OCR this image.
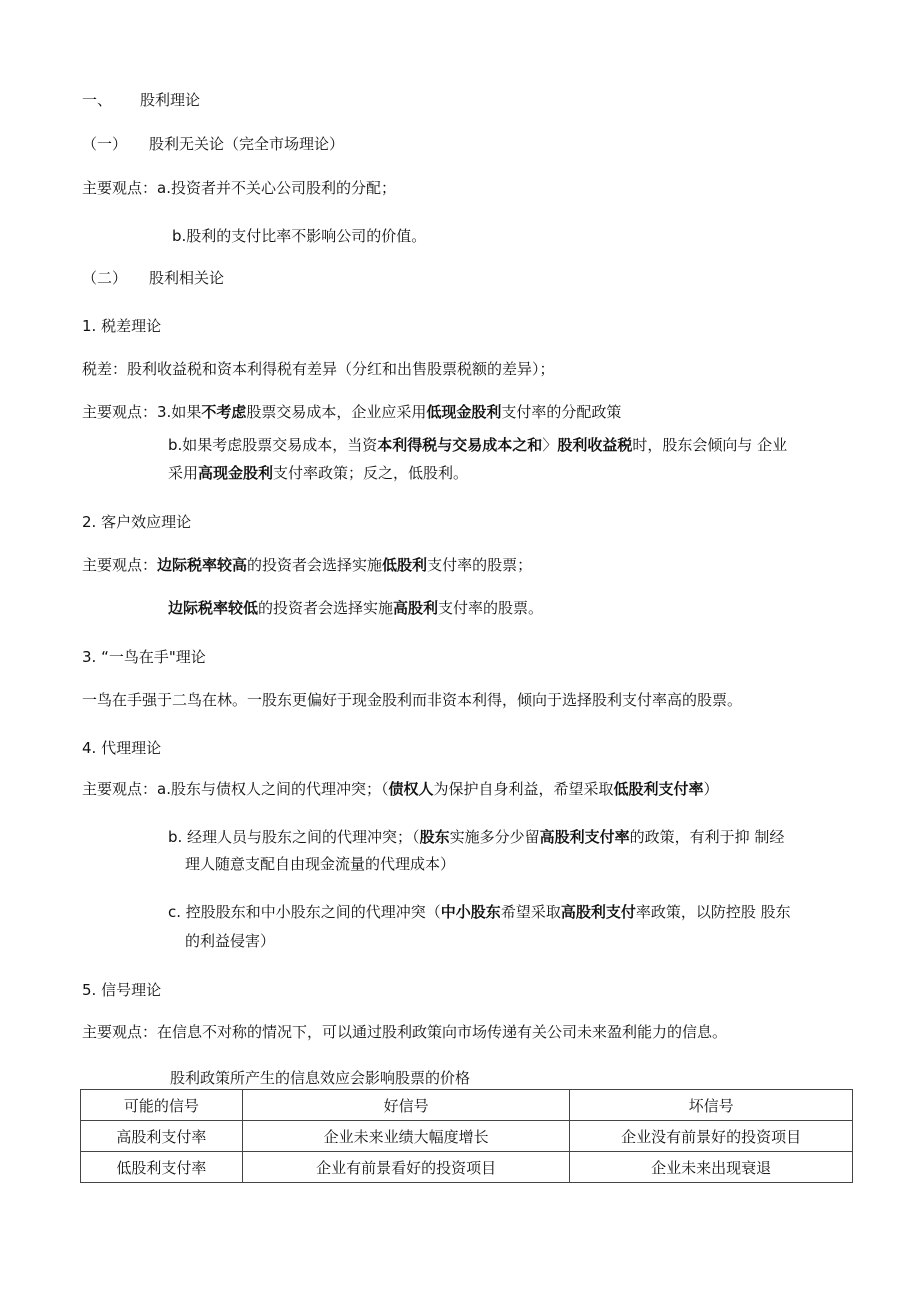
一、 股利理论
（一） 股利无关论（完全市场理论）
主要观点：a.投资者并不关心公司股利的分配；
b.股利的支付比率不影响公司的价值。
（二） 股利相关论
1. 税差理论
税差：股利收益税和资本利得税有差异（分红和出售股票税额的差异）；
主要观点：3.如果不考虑股票交易成本，企业应采用低现金股利支付率的分配政策
b.如果考虑股票交易成本，当资本利得税与交易成本之和〉股利收益税时，股东会倾向与 企业
采用高现金股利支付率政策；反之，低股利。
2. 客户效应理论
主要观点：边际税率较高的投资者会选择实施低股利支付率的股票；
边际税率较低的投资者会选择实施高股利支付率的股票。
3. “一鸟在手"理论
一鸟在手强于二鸟在林。一股东更偏好于现金股利而非资本利得，倾向于选择股利支付率高的股票。
4. 代理理论
主要观点：a.股东与债权人之间的代理冲突；（债权人为保护自身利益，希望采取低股利支付率）
b. 经理人员与股东之间的代理冲突；（股东实施多分少留高股利支付率的政策，有利于抑 制经
理人随意支配自由现金流量的代理成本）
c. 控股股东和中小股东之间的代理冲突（中小股东希望采取高股利支付率政策，以防控股 股东
的利益侵害）
5. 信号理论
主要观点：在信息不对称的情况下，可以通过股利政策向市场传递有关公司未来盈利能力的信息。
股利政策所产生的信息效应会影响股票的价格
可能的信号	好信号	坏信号
高股利支付率	企业未来业绩大幅度增长	企业没有前景好的投资项目
低股利支付率	企业有前景看好的投资项目	企业未来出现衰退
